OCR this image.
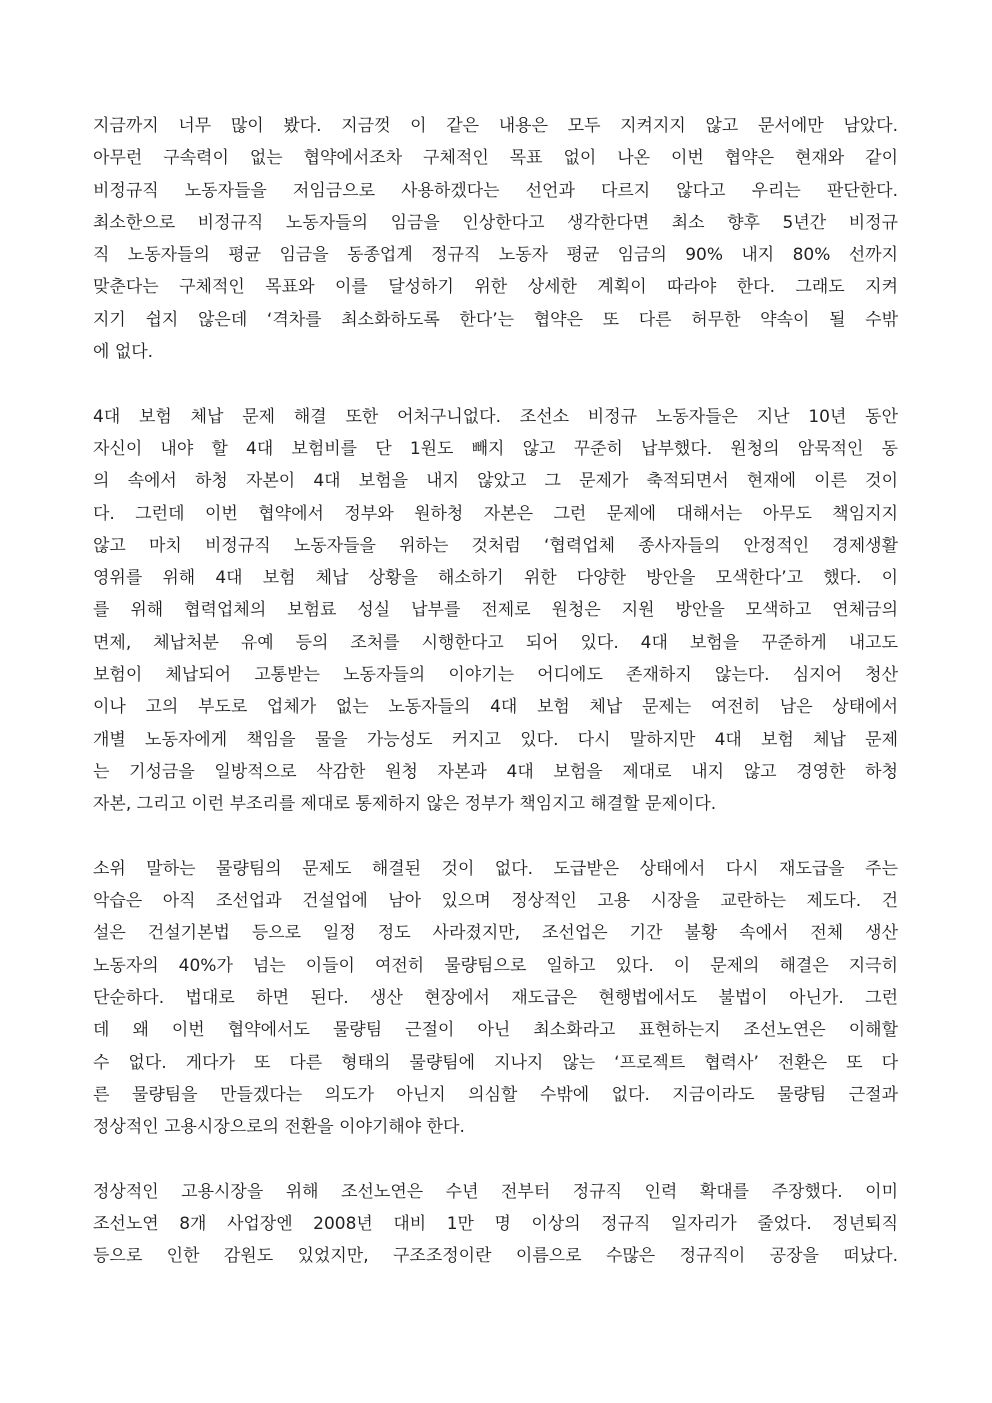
지금까지 너무 많이 봤다. 지금껏 이 같은 내용은 모두 지켜지지 않고 문서에만 남았다.
아무런 구속력이 없는 협약에서조차 구체적인 목표 없이 나온 이번 협약은 현재와 같이
비정규직 노동자들을 저임금으로 사용하겠다는 선언과 다르지 않다고 우리는 판단한다.
최소한으로 비정규직 노동자들의 임금을 인상한다고 생각한다면 최소 향후 5년간 비정규
직 노동자들의 평균 임금을 동종업계 정규직 노동자 평균 임금의 90% 내지 80% 선까지
맞춘다는 구체적인 목표와 이를 달성하기 위한 상세한 계획이 따라야 한다. 그래도 지켜
지기 쉽지 않은데 ‘격차를 최소화하도록 한다’는 협약은 또 다른 허무한 약속이 될 수밖
에 없다.
4대 보험 체납 문제 해결 또한 어처구니없다. 조선소 비정규 노동자들은 지난 10년 동안
자신이 내야 할 4대 보험비를 단 1원도 빼지 않고 꾸준히 납부했다. 원청의 암묵적인 동
의 속에서 하청 자본이 4대 보험을 내지 않았고 그 문제가 축적되면서 현재에 이른 것이
다. 그런데 이번 협약에서 정부와 원하청 자본은 그런 문제에 대해서는 아무도 책임지지
않고 마치 비정규직 노동자들을 위하는 것처럼 ‘협력업체 종사자들의 안정적인 경제생활
영위를 위해 4대 보험 체납 상황을 해소하기 위한 다양한 방안을 모색한다’고 했다. 이
를 위해 협력업체의 보험료 성실 납부를 전제로 원청은 지원 방안을 모색하고 연체금의
면제, 체납처분 유예 등의 조처를 시행한다고 되어 있다. 4대 보험을 꾸준하게 내고도
보험이 체납되어 고통받는 노동자들의 이야기는 어디에도 존재하지 않는다. 심지어 청산
이나 고의 부도로 업체가 없는 노동자들의 4대 보험 체납 문제는 여전히 남은 상태에서
개별 노동자에게 책임을 물을 가능성도 커지고 있다. 다시 말하지만 4대 보험 체납 문제
는 기성금을 일방적으로 삭감한 원청 자본과 4대 보험을 제대로 내지 않고 경영한 하청
자본, 그리고 이런 부조리를 제대로 통제하지 않은 정부가 책임지고 해결할 문제이다.
소위 말하는 물량팀의 문제도 해결된 것이 없다. 도급받은 상태에서 다시 재도급을 주는
악습은 아직 조선업과 건설업에 남아 있으며 정상적인 고용 시장을 교란하는 제도다. 건
설은 건설기본법 등으로 일정 정도 사라졌지만, 조선업은 기간 불황 속에서 전체 생산
노동자의 40%가 넘는 이들이 여전히 물량팀으로 일하고 있다. 이 문제의 해결은 지극히
단순하다. 법대로 하면 된다. 생산 현장에서 재도급은 현행법에서도 불법이 아닌가. 그런
데 왜 이번 협약에서도 물량팀 근절이 아닌 최소화라고 표현하는지 조선노연은 이해할
수 없다. 게다가 또 다른 형태의 물량팀에 지나지 않는 ‘프로젝트 협력사’ 전환은 또 다
른 물량팀을 만들겠다는 의도가 아닌지 의심할 수밖에 없다. 지금이라도 물량팀 근절과
정상적인 고용시장으로의 전환을 이야기해야 한다.
정상적인 고용시장을 위해 조선노연은 수년 전부터 정규직 인력 확대를 주장했다. 이미
조선노연 8개 사업장엔 2008년 대비 1만 명 이상의 정규직 일자리가 줄었다. 정년퇴직
등으로 인한 감원도 있었지만, 구조조정이란 이름으로 수많은 정규직이 공장을 떠났다.
